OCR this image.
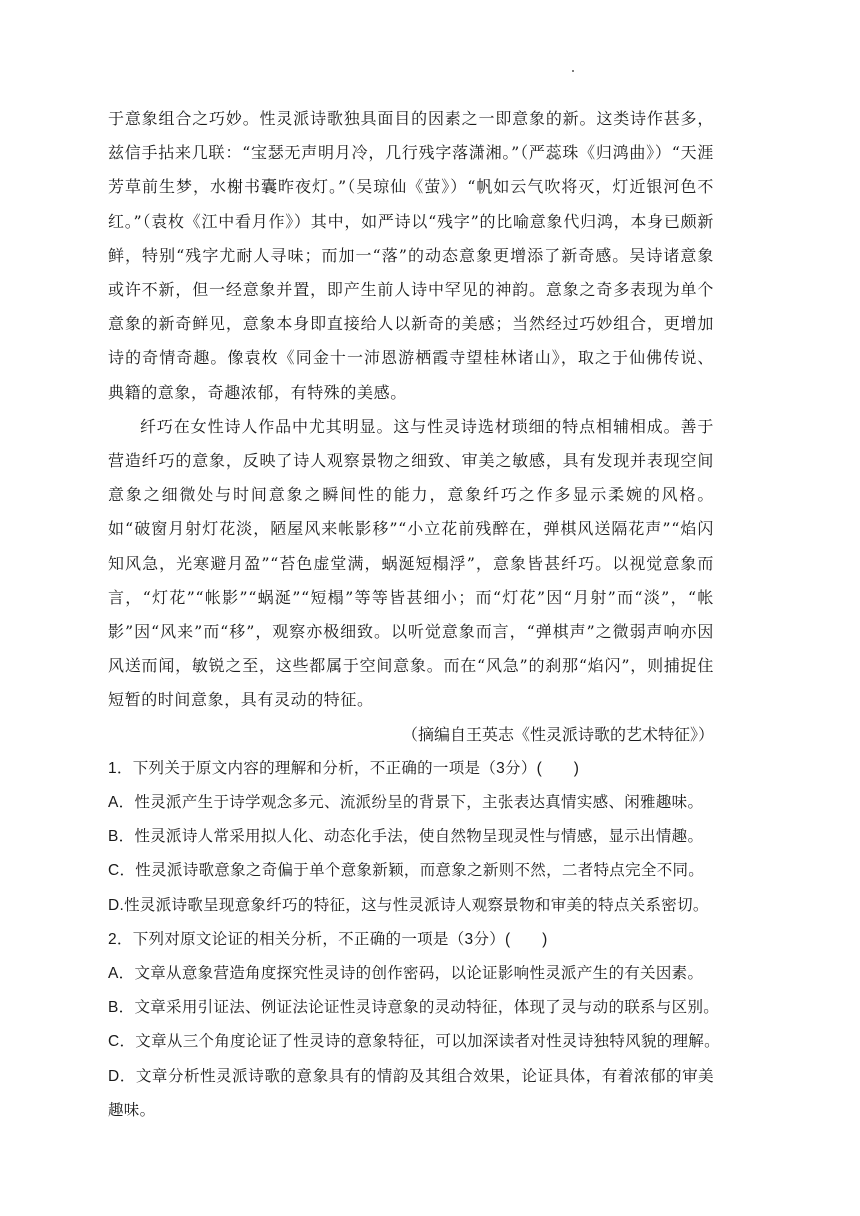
于意象组合之巧妙。性灵派诗歌独具面目的因素之一即意象的新。这类诗作甚多，兹信手拈来几联：“宝瑟无声明月冷，几行残字落潇湘。”（严蕊珠《归鸿曲》）“天涯芳草前生梦，水榭书囊昨夜灯。”（吴琼仙《萤》）“帆如云气吹将灭，灯近银河色不红。”（袁枚《江中看月作》）其中，如严诗以“残字”的比喻意象代归鸿，本身已颇新鲜，特别“残字尤耐人寻味；而加一“落”的动态意象更增添了新奇感。吴诗诸意象或许不新，但一经意象并置，即产生前人诗中罕见的神韵。意象之奇多表现为单个意象的新奇鲜见，意象本身即直接给人以新奇的美感；当然经过巧妙组合，更增加诗的奇情奇趣。像袁枚《同金十一沛恩游栖霞寺望桂林诸山》，取之于仙佛传说、典籍的意象，奇趣浓郁，有特殊的美感。

纤巧在女性诗人作品中尤其明显。这与性灵诗选材琐细的特点相辅相成。善于营造纤巧的意象，反映了诗人观察景物之细致、审美之敏感，具有发现并表现空间意象之细微处与时间意象之瞬间性的能力，意象纤巧之作多显示柔婉的风格。如“破窗月射灯花淡，陋屋风来帐影移”“小立花前残醉在，弹棋风送隔花声”“焰闪知风急，光寒避月盈”“苔色虚堂满，蜗涎短榻浮”，意象皆甚纤巧。以视觉意象而言，“灯花”“帐影”“蜗涎”“短榻”等等皆甚细小；而“灯花”因“月射”而“淡”，“帐影”因“风来”而“移”，观察亦极细致。以听觉意象而言，“弹棋声”之微弱声响亦因风送而闻，敏锐之至，这些都属于空间意象。而在“风急”的刹那“焰闪”，则捕捉住短暂的时间意象，具有灵动的特征。

（摘编自王英志《性灵派诗歌的艺术特征》）

1．下列关于原文内容的理解和分析，不正确的一项是（3分）(　　)

A．性灵派产生于诗学观念多元、流派纷呈的背景下，主张表达真情实感、闲雅趣味。

B．性灵派诗人常采用拟人化、动态化手法，使自然物呈现灵性与情感，显示出情趣。

C．性灵派诗歌意象之奇偏于单个意象新颖，而意象之新则不然，二者特点完全不同。

D.性灵派诗歌呈现意象纤巧的特征，这与性灵派诗人观察景物和审美的特点关系密切。

2．下列对原文论证的相关分析，不正确的一项是（3分）(　　)

A．文章从意象营造角度探究性灵诗的创作密码，以论证影响性灵派产生的有关因素。

B．文章采用引证法、例证法论证性灵诗意象的灵动特征，体现了灵与动的联系与区别。

C．文章从三个角度论证了性灵诗的意象特征，可以加深读者对性灵诗独特风貌的理解。

D．文章分析性灵派诗歌的意象具有的情韵及其组合效果，论证具体，有着浓郁的审美趣味。
